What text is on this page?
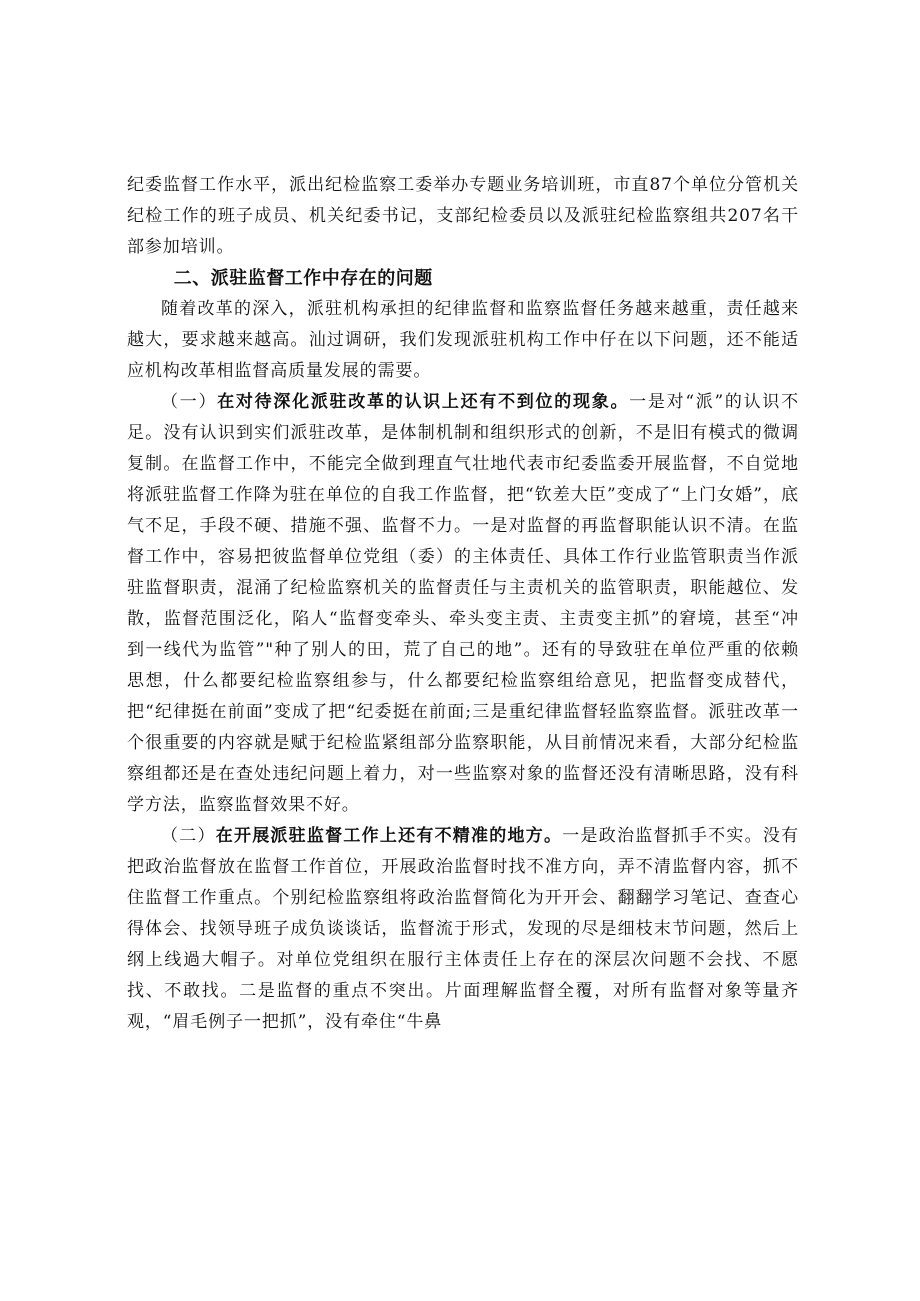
纪委监督工作水平，派出纪检监察工委举办专题业务培训班，市直87个单位分管机关纪检工作的班子成员、机关纪委书记，支部纪检委员以及派驻纪检监察组共207名干部参加培训。

二、派驻监督工作中存在的问题

随着改革的深入，派驻机构承担的纪律监督和监察监督任务越来越重，责任越来越大，要求越来越高。汕过调研，我们发现派驻机构工作中仔在以下问题，还不能适应机构改革相监督高质量发展的需要。

（一）在对待深化派驻改革的认识上还有不到位的现象。一是对“派”的认识不足。没有认识到实们派驻改革，是体制机制和组织形式的创新，不是旧有模式的微调复制。在监督工作中，不能完全做到理直气壮地代表市纪委监委开展监督，不自觉地将派驻监督工作降为驻在单位的自我工作监督，把“钦差大臣”变成了“上门女婚”，底气不足，手段不硬、措施不强、监督不力。一是对监督的再监督职能认识不清。在监督工作中，容易把彼监督单位党组（委）的主体责任、具体工作行业监管职责当作派驻监督职责，混涌了纪检监察机关的监督责任与主责机关的监管职责，职能越位、发散，监督范围泛化，陷人“监督变牵头、牵头变主责、主责变主抓”的窘境，甚至“冲到一线代为监管”"种了别人的田，荒了自己的地”。还有的导致驻在单位严重的依赖思想，什么都要纪检监察组参与，什么都要纪检监察组给意见，把监督变成替代，把“纪律挺在前面”变成了把“纪委挺在前面;三是重纪律监督轻监察监督。派驻改革一个很重要的内容就是赋于纪检监紧组部分监察职能，从目前情况来看，大部分纪检监察组都还是在查处违纪问题上着力，对一些监察对象的监督还没有清晰思路，没有科学方法，监察监督效果不好。

（二）在开展派驻监督工作上还有不精准的地方。一是政治监督抓手不实。没有把政治监督放在监督工作首位，开展政治监督时找不准方向，弄不清监督内容，抓不住监督工作重点。个别纪检监察组将政治监督简化为开开会、翻翻学习笔记、查查心得体会、找领导班子成负谈谈话，监督流于形式，发现的尽是细枝末节问题，然后上纲上线過大帽子。对单位党组织在服行主体责任上存在的深层次问题不会找、不愿找、不敢找。二是监督的重点不突出。片面理解监督全覆，对所有监督对象等量齐观，“眉毛例子一把抓”，没有牵住“牛鼻
